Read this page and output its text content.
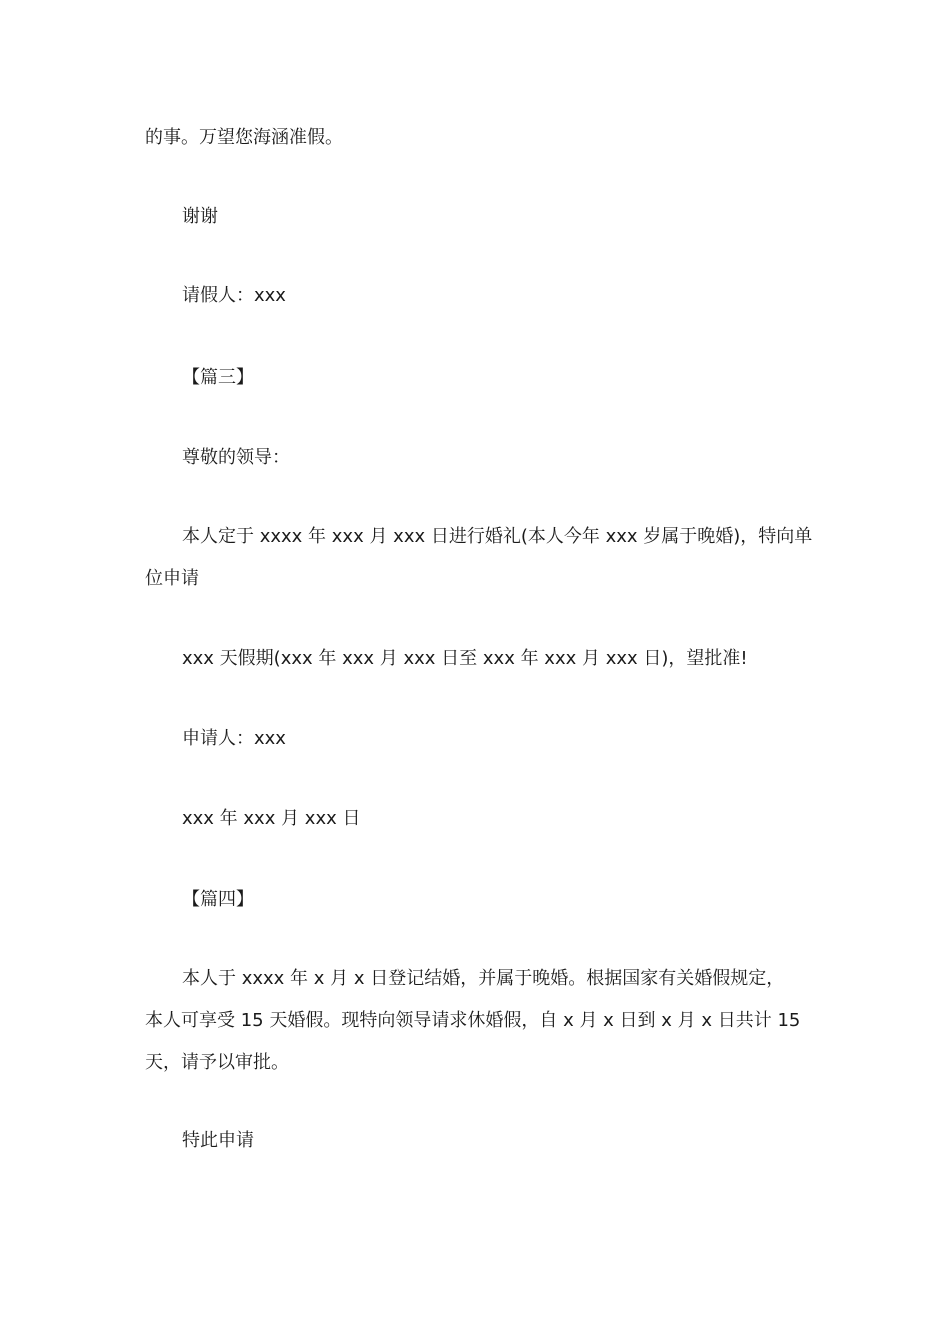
的事。万望您海涵准假。

谢谢

请假人：xxx

【篇三】

尊敬的领导：

本人定于 xxxx 年 xxx 月 xxx 日进行婚礼(本人今年 xxx 岁属于晚婚)，特向单

位申请

xxx 天假期(xxx 年 xxx 月 xxx 日至 xxx 年 xxx 月 xxx 日)，望批准!

申请人：xxx

xxx 年 xxx 月 xxx 日

【篇四】

本人于 xxxx 年 x 月 x 日登记结婚，并属于晚婚。根据国家有关婚假规定，

本人可享受 15 天婚假。现特向领导请求休婚假，自 x 月 x 日到 x 月 x 日共计 15

天，请予以审批。

特此申请
